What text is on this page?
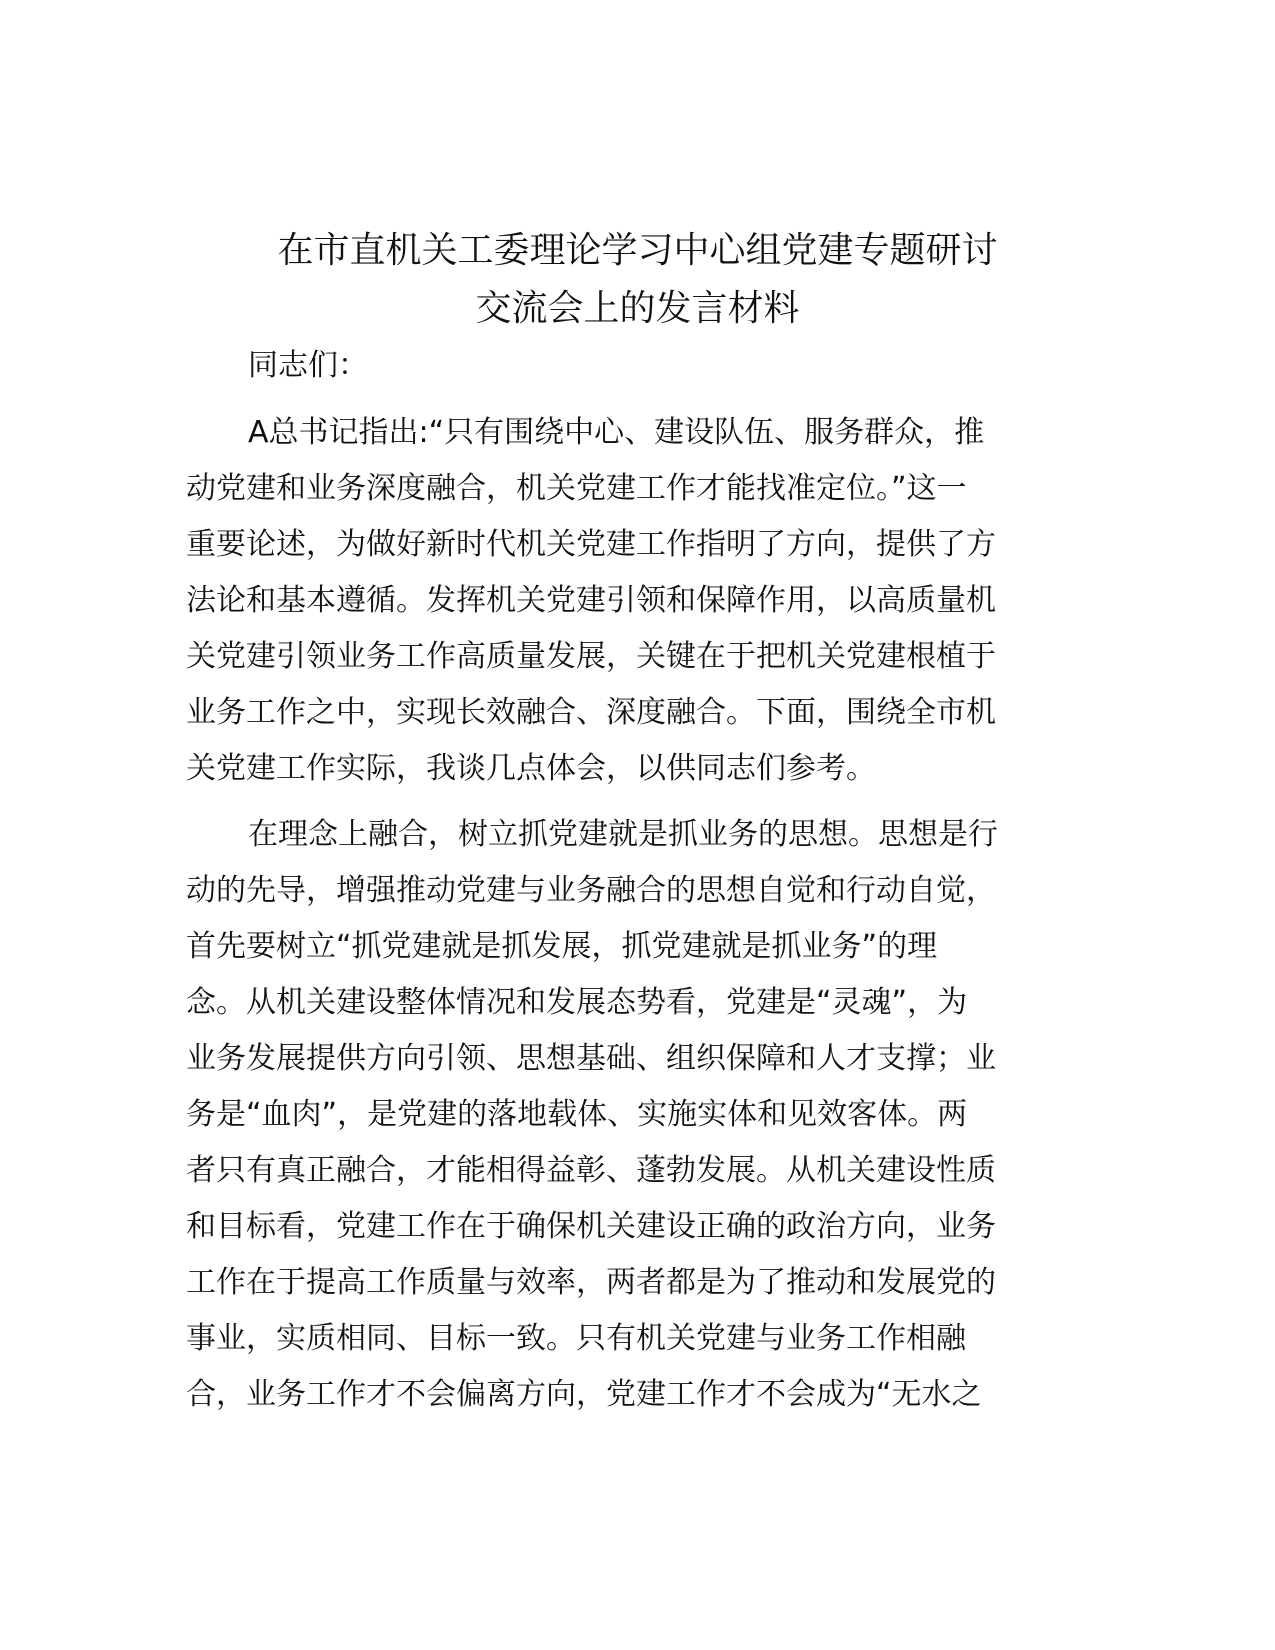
在市直机关工委理论学习中心组党建专题研讨
交流会上的发言材料
同志们：
A总书记指出:“只有围绕中心、建设队伍、服务群众，推
动党建和业务深度融合，机关党建工作才能找准定位。”这一
重要论述，为做好新时代机关党建工作指明了方向，提供了方
法论和基本遵循。发挥机关党建引领和保障作用，以高质量机
关党建引领业务工作高质量发展，关键在于把机关党建根植于
业务工作之中，实现长效融合、深度融合。下面，围绕全市机
关党建工作实际，我谈几点体会，以供同志们参考。
在理念上融合，树立抓党建就是抓业务的思想。思想是行
动的先导，增强推动党建与业务融合的思想自觉和行动自觉，
首先要树立“抓党建就是抓发展，抓党建就是抓业务”的理
念。从机关建设整体情况和发展态势看，党建是“灵魂”，为
业务发展提供方向引领、思想基础、组织保障和人才支撑；业
务是“血肉”，是党建的落地载体、实施实体和见效客体。两
者只有真正融合，才能相得益彰、蓬勃发展。从机关建设性质
和目标看，党建工作在于确保机关建设正确的政治方向，业务
工作在于提高工作质量与效率，两者都是为了推动和发展党的
事业，实质相同、目标一致。只有机关党建与业务工作相融
合，业务工作才不会偏离方向，党建工作才不会成为“无水之
